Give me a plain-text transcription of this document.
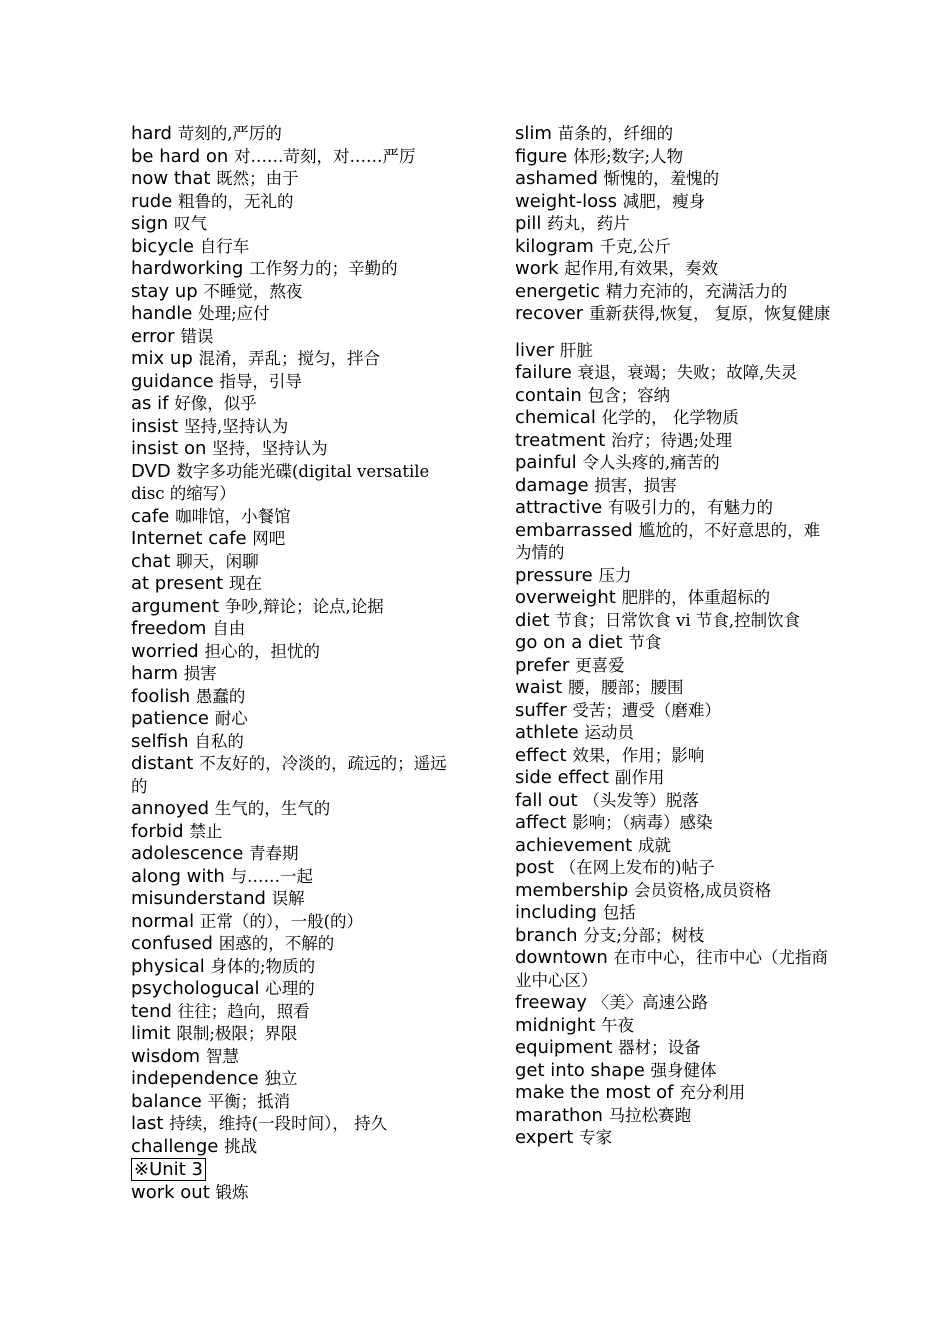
hard 苛刻的,严厉的
be hard on 对……苛刻，对……严厉
now that 既然；由于
rude 粗鲁的，无礼的
sign 叹气
bicycle 自行车
hardworking 工作努力的；辛勤的
stay up 不睡觉，熬夜
handle 处理;应付
error 错误
mix up 混淆，弄乱；搅匀，拌合
guidance 指导，引导
as if 好像，似乎
insist 坚持,坚持认为
insist on 坚持，坚持认为
DVD 数字多功能光碟(digital versatile disc 的缩写）
cafe 咖啡馆，小餐馆
Internet cafe 网吧
chat 聊天，闲聊
at present 现在
argument 争吵,辩论；论点,论据
freedom 自由
worried 担心的，担忧的
harm 损害
foolish 愚蠢的
patience 耐心
selfish 自私的
distant 不友好的，冷淡的，疏远的；遥远的
annoyed 生气的，生气的
forbid 禁止
adolescence 青春期
along with 与……一起
misunderstand 误解
normal 正常（的），一般(的）
confused 困惑的，不解的
physical 身体的;物质的
psychologucal 心理的
tend 往往；趋向，照看
limit 限制;极限；界限
wisdom 智慧
independence 独立
balance 平衡；抵消
last 持续，维持(一段时间）， 持久
challenge 挑战
※Unit 3
work out 锻炼
slim 苗条的，纤细的
figure 体形;数字;人物
ashamed 惭愧的，羞愧的
weight-loss 减肥，瘦身
pill 药丸，药片
kilogram 千克,公斤
work 起作用,有效果，奏效
energetic 精力充沛的，充满活力的
recover 重新获得,恢复， 复原，恢复健康
liver 肝脏
failure 衰退，衰竭；失败；故障,失灵
contain 包含；容纳
chemical 化学的， 化学物质
treatment 治疗；待遇;处理
painful 令人头疼的,痛苦的
damage 损害，损害
attractive 有吸引力的，有魅力的
embarrassed 尴尬的，不好意思的，难为情的
pressure 压力
overweight 肥胖的，体重超标的
diet 节食；日常饮食 vi 节食,控制饮食
go on a diet 节食
prefer 更喜爱
waist 腰，腰部；腰围
suffer 受苦；遭受（磨难）
athlete 运动员
effect 效果，作用；影响
side effect 副作用
fall out （头发等）脱落
affect 影响；（病毒）感染
achievement 成就
post （在网上发布的)帖子
membership 会员资格,成员资格
including 包括
branch 分支;分部；树枝
downtown 在市中心，往市中心（尤指商业中心区）
freeway 〈美〉高速公路
midnight 午夜
equipment 器材；设备
get into shape 强身健体
make the most of 充分利用
marathon 马拉松赛跑
expert 专家
